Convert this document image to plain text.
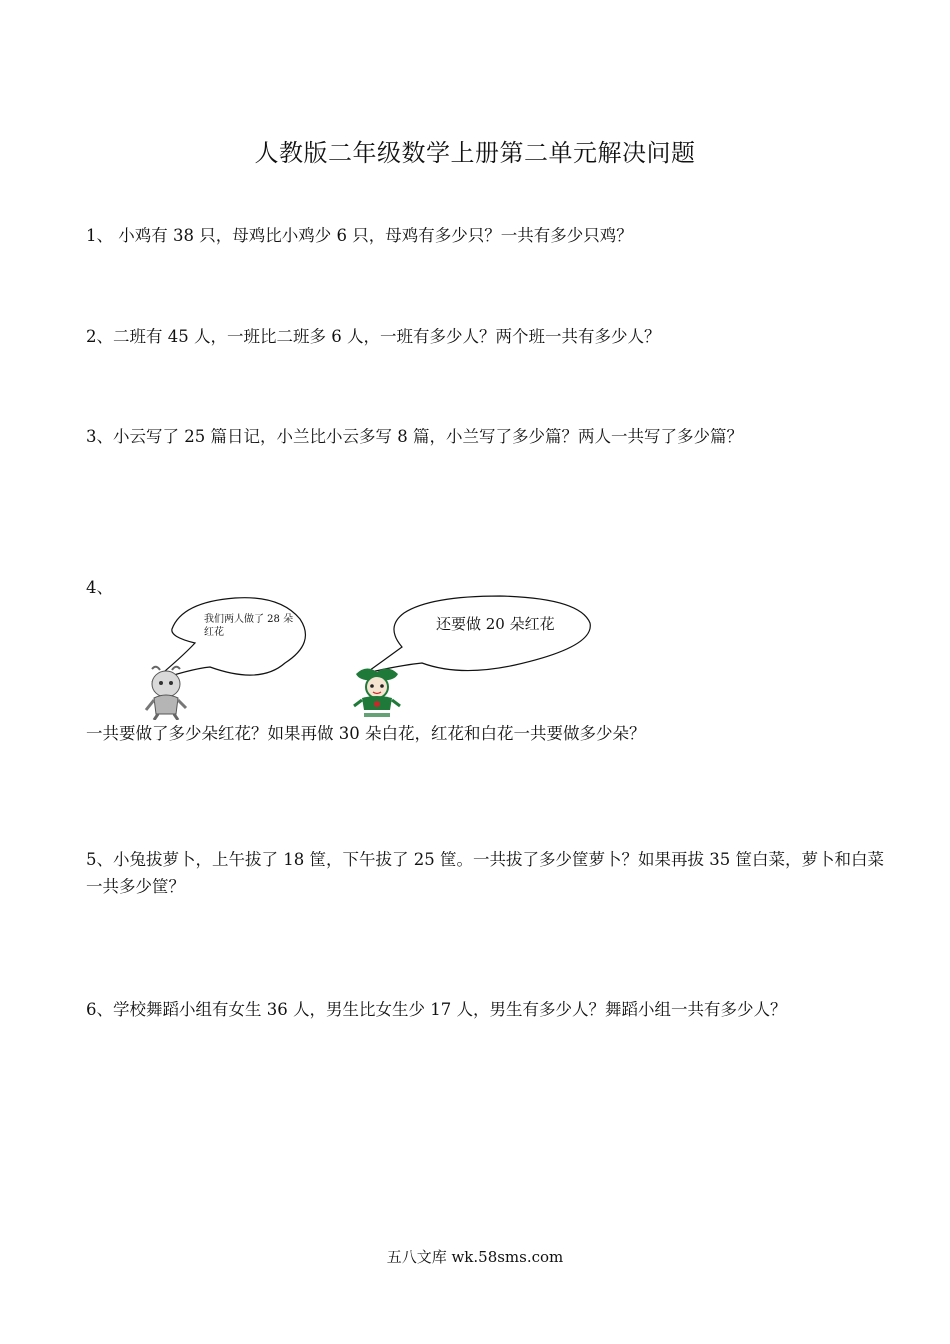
人教版二年级数学上册第二单元解决问题
1、 小鸡有 38 只，母鸡比小鸡少 6 只，母鸡有多少只？一共有多少只鸡？
2、二班有 45 人，一班比二班多 6 人，一班有多少人？两个班一共有多少人？
3、小云写了 25 篇日记，小兰比小云多写 8 篇，小兰写了多少篇？两人一共写了多少篇？
4、
我们两人做了 28 朵红花	还要做 20 朵红花
一共要做了多少朵红花？如果再做 30 朵白花，红花和白花一共要做多少朵？
5、小兔拔萝卜，上午拔了 18 筐，下午拔了 25 筐。一共拔了多少筐萝卜？如果再拔 35 筐白菜，萝卜和白菜一共多少筐？
6、学校舞蹈小组有女生 36 人，男生比女生少 17 人，男生有多少人？舞蹈小组一共有多少人？
五八文库 wk.58sms.com
